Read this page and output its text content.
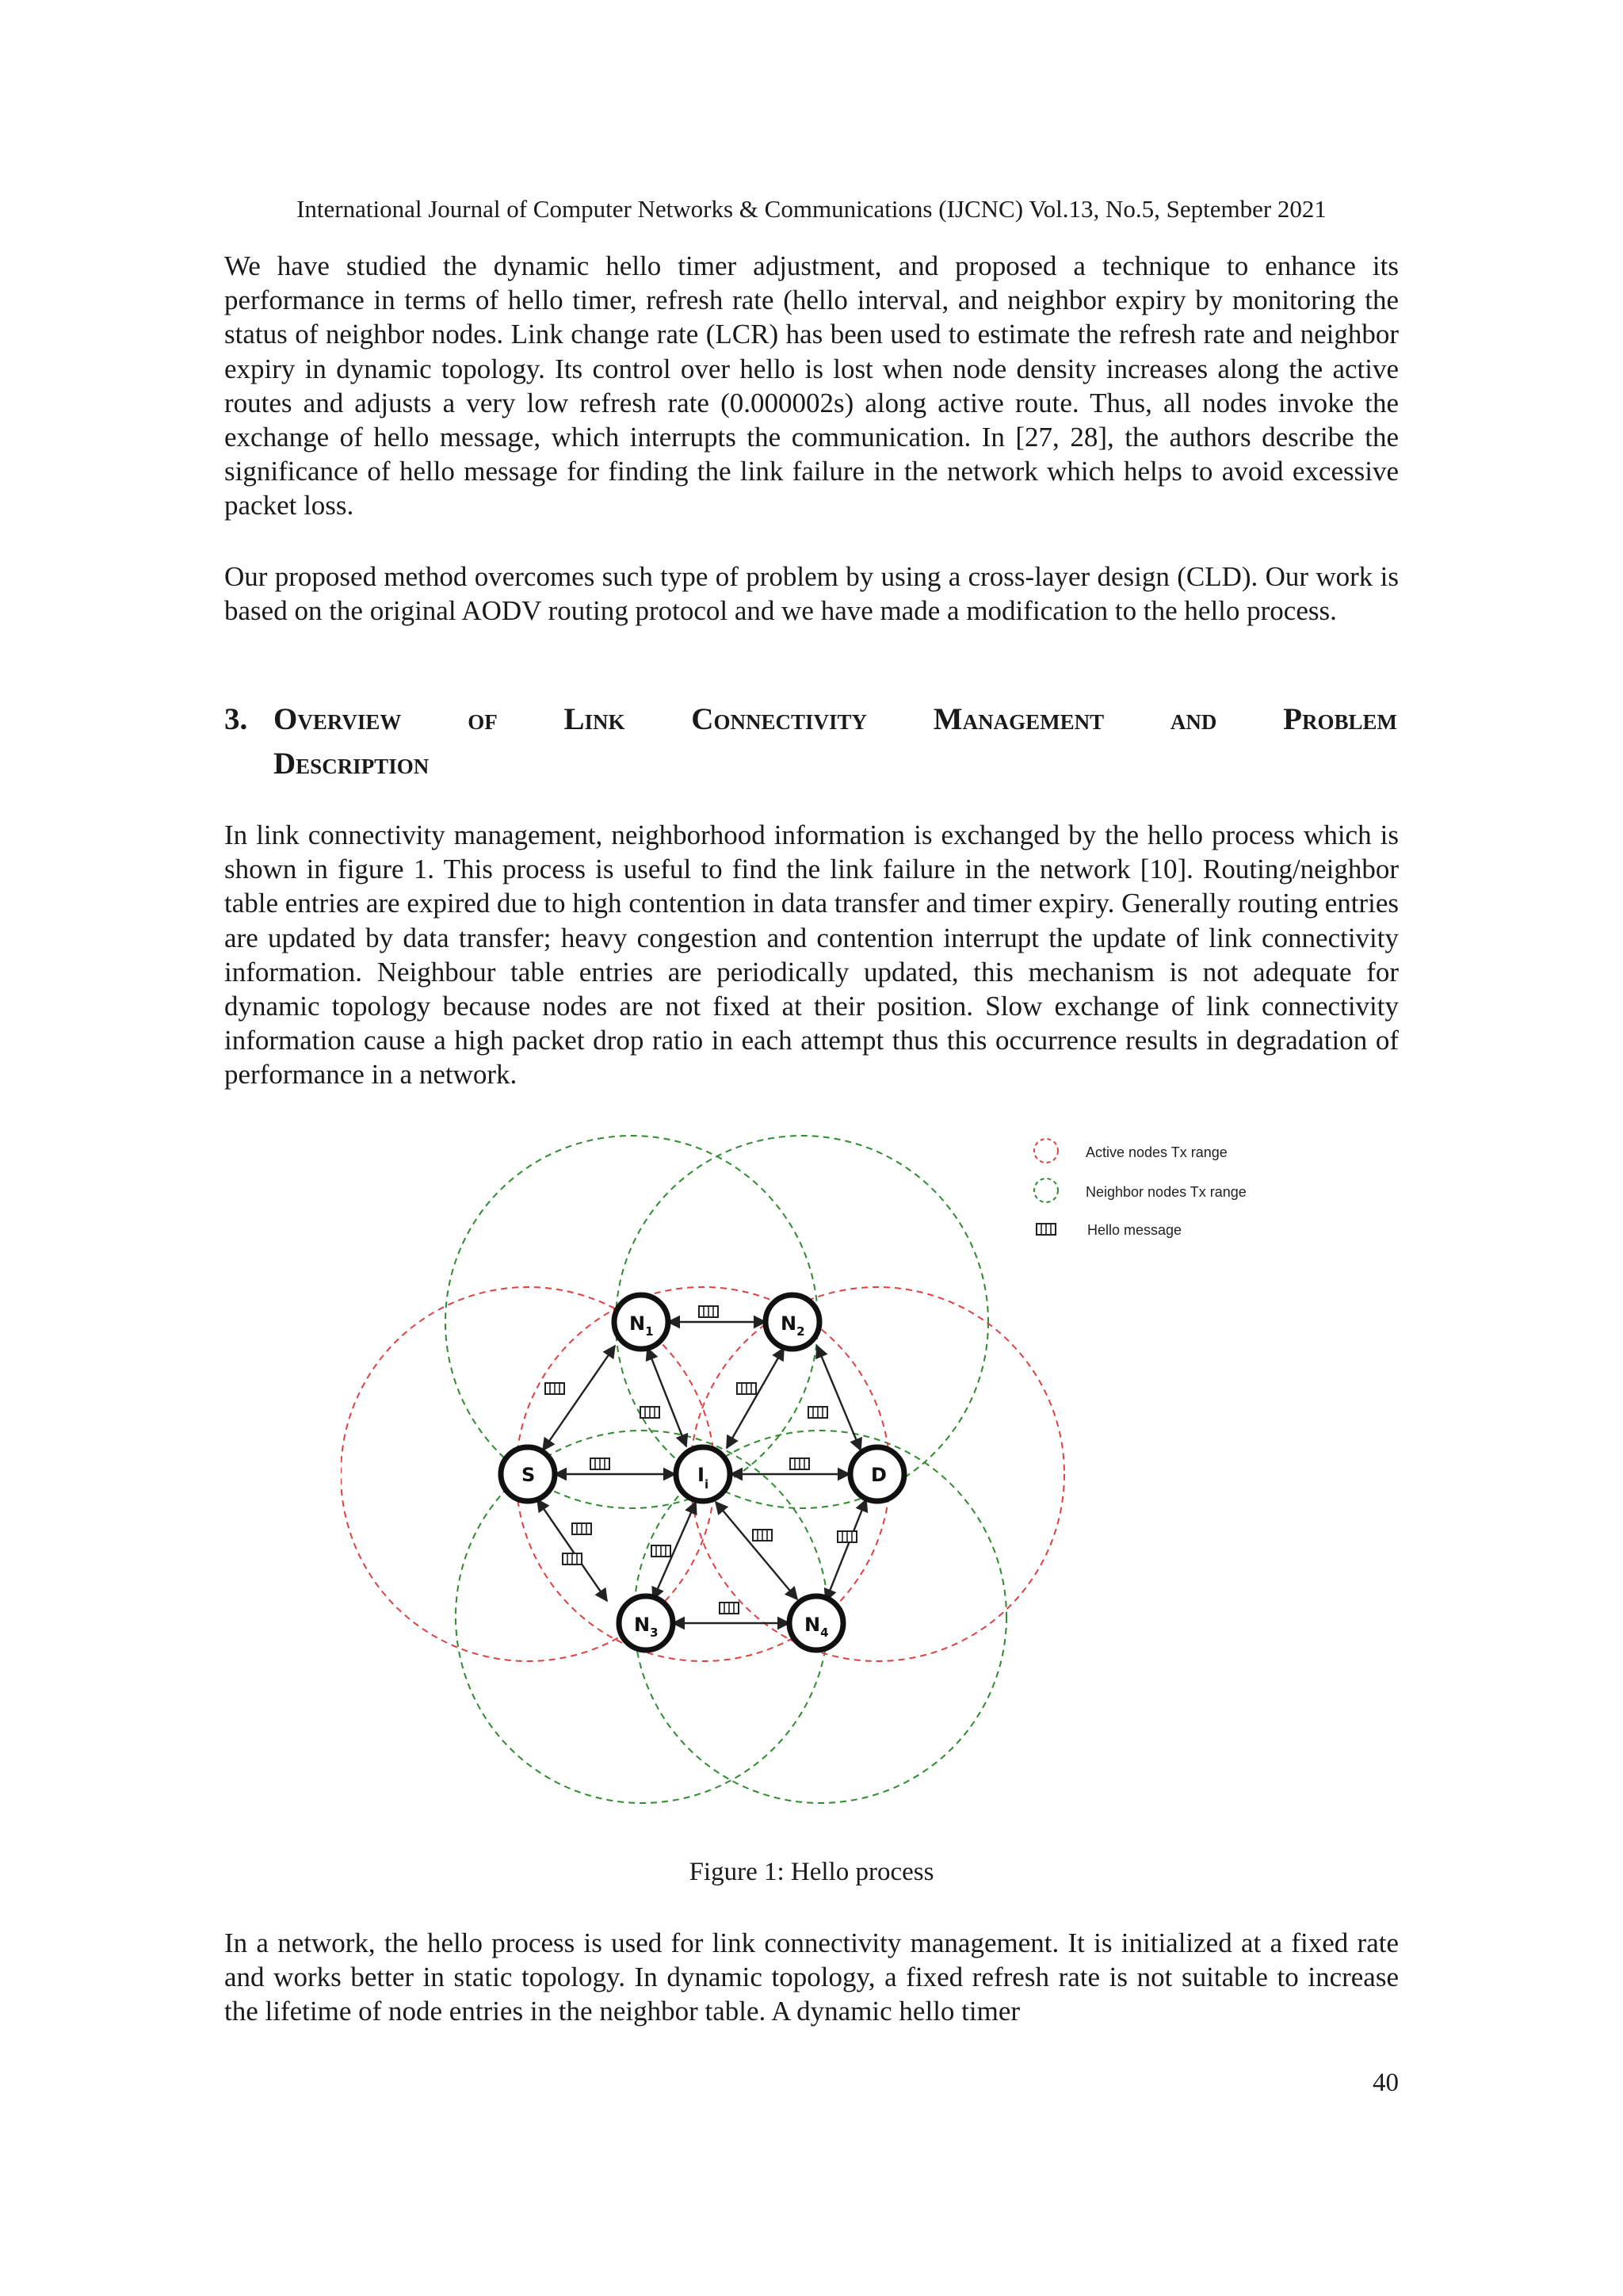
International Journal of Computer Networks & Communications (IJCNC) Vol.13, No.5, September 2021

We have studied the dynamic hello timer adjustment, and proposed a technique to enhance its performance in terms of hello timer, refresh rate (hello interval, and neighbor expiry by monitoring the status of neighbor nodes. Link change rate (LCR) has been used to estimate the refresh rate and neighbor expiry in dynamic topology. Its control over hello is lost when node density increases along the active routes and adjusts a very low refresh rate (0.000002s) along active route. Thus, all nodes invoke the exchange of hello message, which interrupts the communication. In [27, 28], the authors describe the significance of hello message for finding the link failure in the network which helps to avoid excessive packet loss.

Our proposed method overcomes such type of problem by using a cross-layer design (CLD). Our work is based on the original AODV routing protocol and we have made a modification to the hello process.

3. Overview of Link Connectivity Management and Problem
Description

In link connectivity management, neighborhood information is exchanged by the hello process which is shown in figure 1. This process is useful to find the link failure in the network [10]. Routing/neighbor table entries are expired due to high contention in data transfer and timer expiry. Generally routing entries are updated by data transfer; heavy congestion and contention interrupt the update of link connectivity information. Neighbour table entries are periodically updated, this mechanism is not adequate for dynamic topology because nodes are not fixed at their position. Slow exchange of link connectivity information cause a high packet drop ratio in each attempt thus this occurrence results in degradation of performance in a network.

$N_1$	$N_2$
S	$I_i$	D
$N_3$	$N_4$
Active nodes Tx range
Neighbor nodes Tx range
Hello message
Figure 1: Hello process

In a network, the hello process is used for link connectivity management. It is initialized at a fixed rate and works better in static topology. In dynamic topology, a fixed refresh rate is not suitable to increase the lifetime of node entries in the neighbor table. A dynamic hello timer

40
